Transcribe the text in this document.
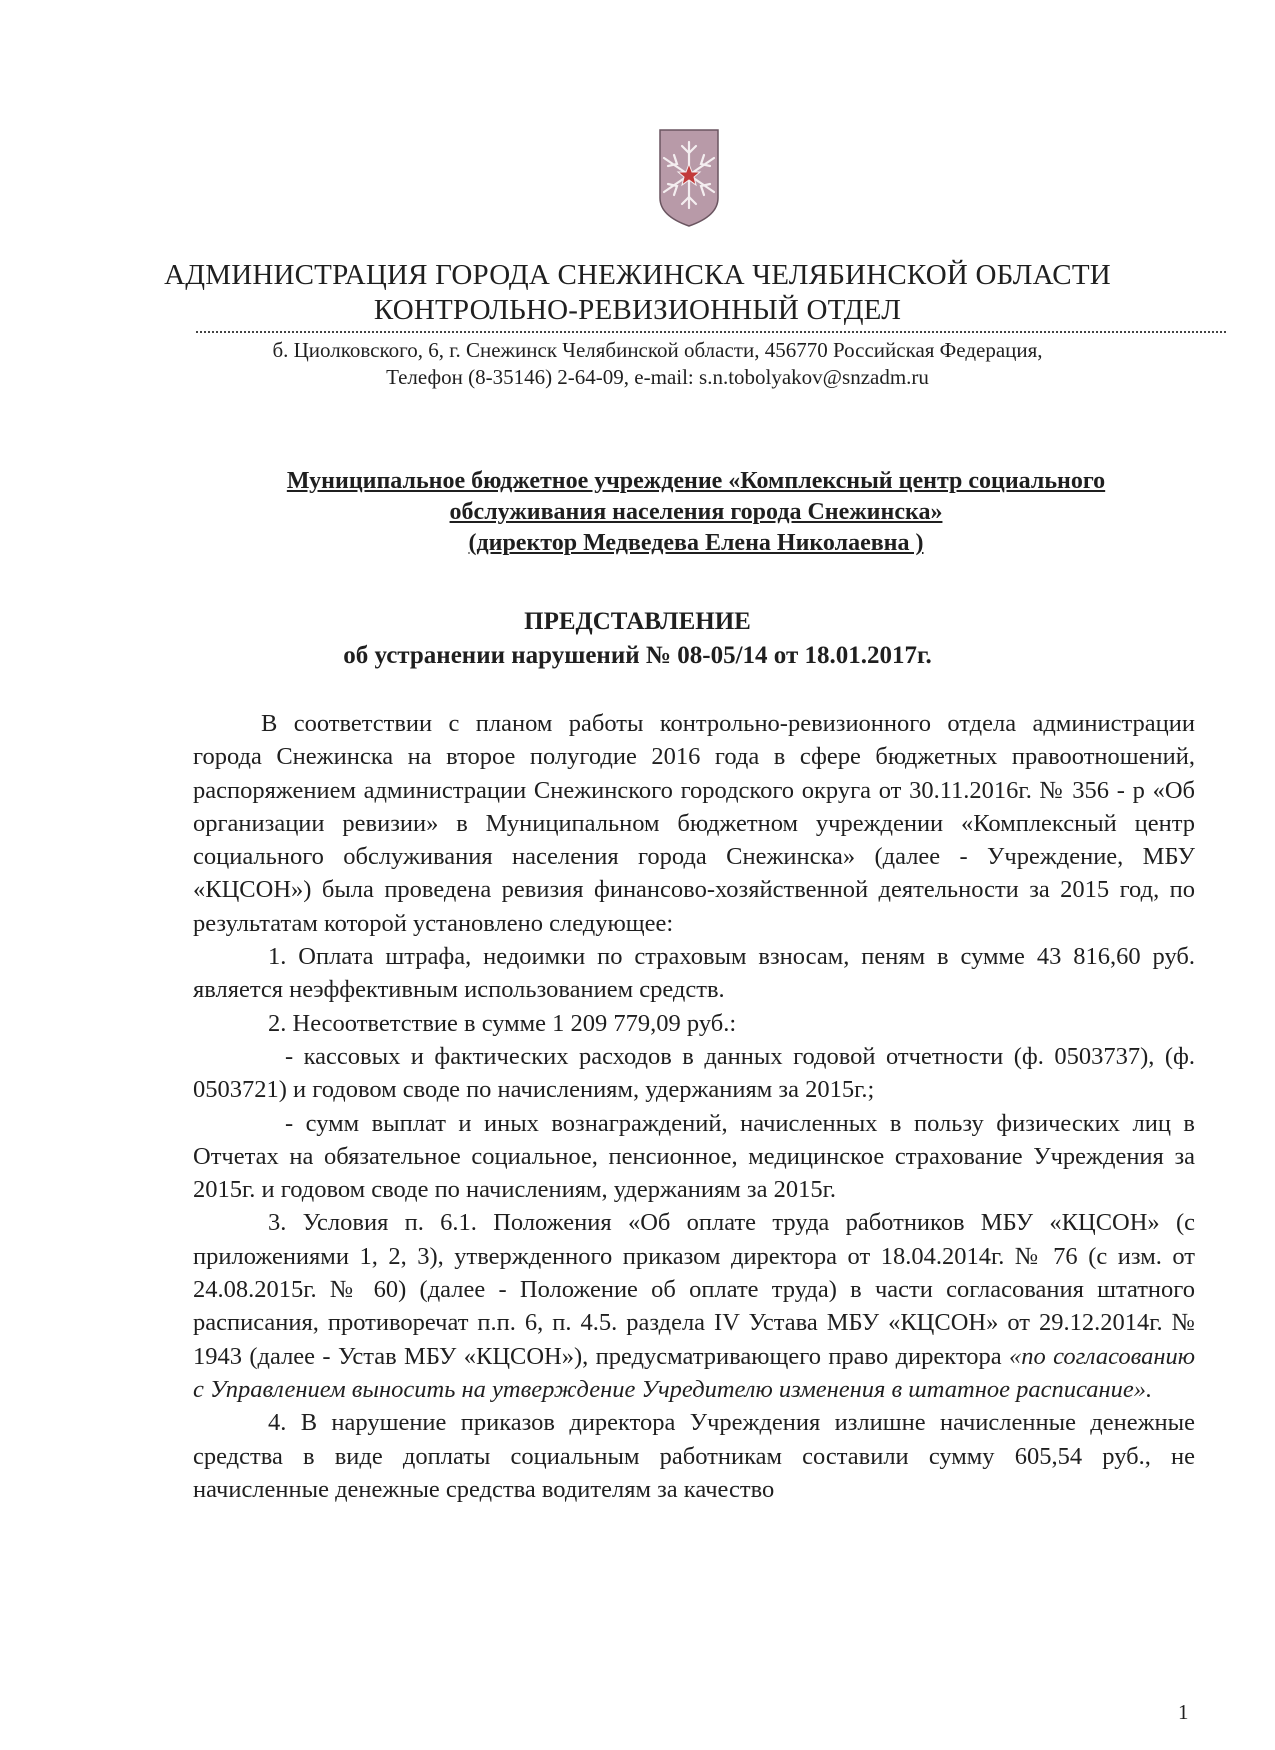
АДМИНИСТРАЦИЯ ГОРОДА СНЕЖИНСКА ЧЕЛЯБИНСКОЙ ОБЛАСТИ
КОНТРОЛЬНО-РЕВИЗИОННЫЙ ОТДЕЛ
б. Циолковского, 6, г. Снежинск Челябинской области, 456770 Российская Федерация,
Телефон (8-35146) 2-64-09, e-mail: s.n.tobolyakov@snzadm.ru
Муниципальное бюджетное учреждение «Комплексный центр социального
обслуживания населения города Снежинска»
(директор Медведева Елена Николаевна )
ПРЕДСТАВЛЕНИЕ
об устранении нарушений № 08-05/14 от 18.01.2017г.

В соответствии с планом работы контрольно-ревизионного отдела администрации города Снежинска на второе полугодие 2016 года в сфере бюджетных правоотношений, распоряжением администрации Снежинского городского округа от 30.11.2016г. № 356 - р «Об организации ревизии» в Муниципальном бюджетном учреждении «Комплексный центр социального обслуживания населения города Снежинска» (далее - Учреждение, МБУ «КЦСОН») была проведена ревизия финансово-хозяйственной деятельности за 2015 год, по результатам которой установлено следующее:

1. Оплата штрафа, недоимки по страховым взносам, пеням в сумме 43 816,60 руб. является неэффективным использованием средств.

2. Несоответствие в сумме 1 209 779,09 руб.:

- кассовых и фактических расходов в данных годовой отчетности (ф. 0503737), (ф. 0503721) и годовом своде по начислениям, удержаниям за 2015г.;

- сумм выплат и иных вознаграждений, начисленных в пользу физических лиц в Отчетах на обязательное социальное, пенсионное, медицинское страхование Учреждения за 2015г. и годовом своде по начислениям, удержаниям за 2015г.

3. Условия п. 6.1. Положения «Об оплате труда работников МБУ «КЦСОН» (с приложениями 1, 2, 3), утвержденного приказом директора от 18.04.2014г. № 76 (с изм. от 24.08.2015г. № 60) (далее - Положение об оплате труда) в части согласования штатного расписания, противоречат п.п. 6, п. 4.5. раздела IV Устава МБУ «КЦСОН» от 29.12.2014г. № 1943 (далее - Устав МБУ «КЦСОН»), предусматривающего право директора «по согласованию с Управлением выносить на утверждение Учредителю изменения в штатное расписание».

4. В нарушение приказов директора Учреждения излишне начисленные денежные средства в виде доплаты социальным работникам составили сумму 605,54 руб., не начисленные денежные средства водителям за качество

1
